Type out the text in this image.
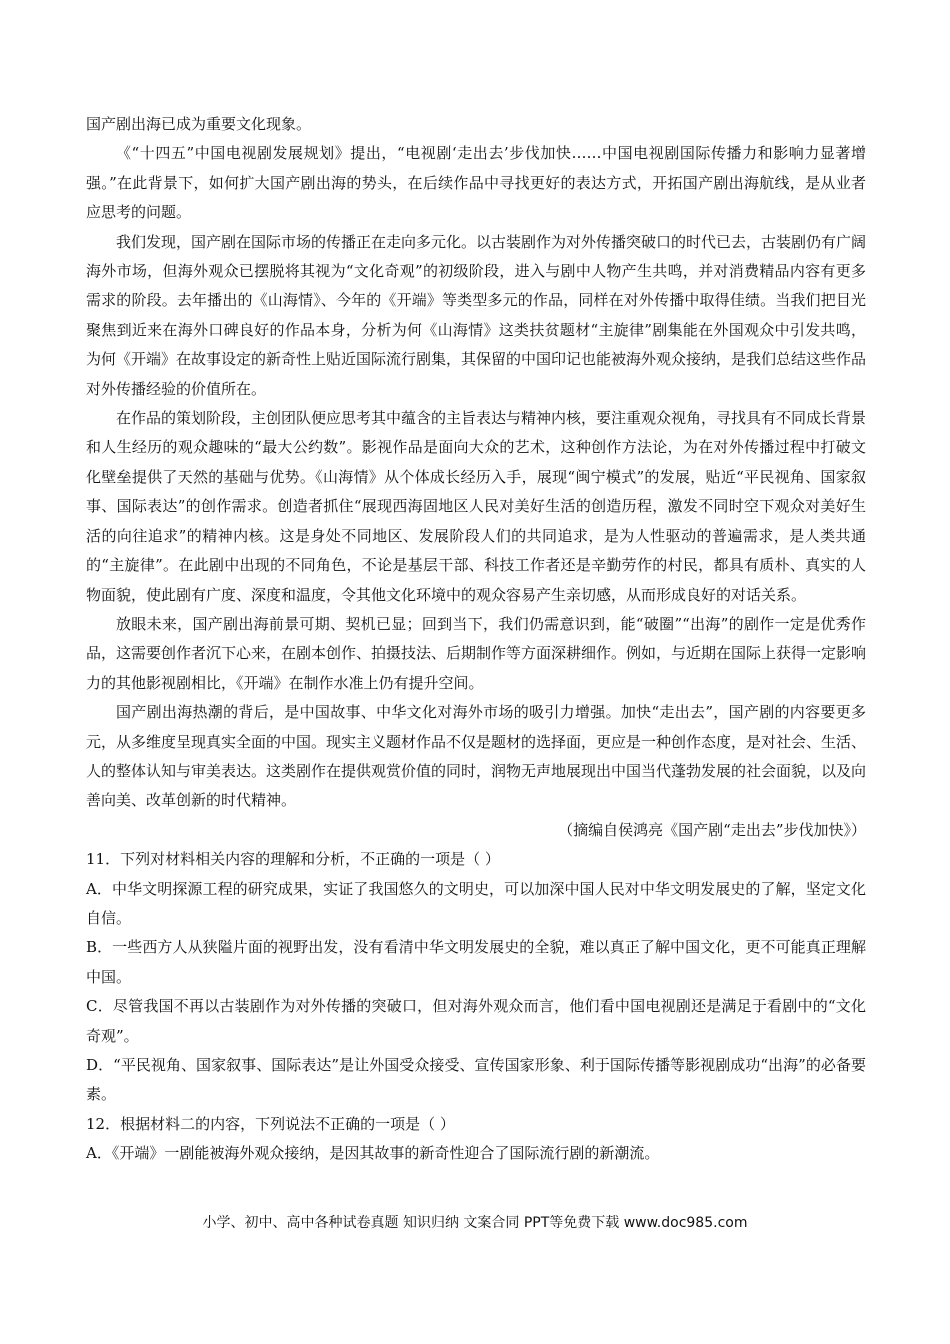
国产剧出海已成为重要文化现象。

《“十四五”中国电视剧发展规划》提出，“电视剧‘走出去’步伐加快……中国电视剧国际传播力和影响力显著增强。”在此背景下，如何扩大国产剧出海的势头，在后续作品中寻找更好的表达方式，开拓国产剧出海航线，是从业者应思考的问题。

我们发现，国产剧在国际市场的传播正在走向多元化。以古装剧作为对外传播突破口的时代已去，古装剧仍有广阔海外市场，但海外观众已摆脱将其视为“文化奇观”的初级阶段，进入与剧中人物产生共鸣，并对消费精品内容有更多需求的阶段。去年播出的《山海情》、今年的《开端》等类型多元的作品，同样在对外传播中取得佳绩。当我们把目光聚焦到近来在海外口碑良好的作品本身，分析为何《山海情》这类扶贫题材“主旋律”剧集能在外国观众中引发共鸣，为何《开端》在故事设定的新奇性上贴近国际流行剧集，其保留的中国印记也能被海外观众接纳，是我们总结这些作品对外传播经验的价值所在。

在作品的策划阶段，主创团队便应思考其中蕴含的主旨表达与精神内核，要注重观众视角，寻找具有不同成长背景和人生经历的观众趣味的“最大公约数”。影视作品是面向大众的艺术，这种创作方法论，为在对外传播过程中打破文化壁垒提供了天然的基础与优势。《山海情》从个体成长经历入手，展现“闽宁模式”的发展，贴近“平民视角、国家叙事、国际表达”的创作需求。创造者抓住“展现西海固地区人民对美好生活的创造历程，激发不同时空下观众对美好生活的向往追求”的精神内核。这是身处不同地区、发展阶段人们的共同追求，是为人性驱动的普遍需求，是人类共通的“主旋律”。在此剧中出现的不同角色，不论是基层干部、科技工作者还是辛勤劳作的村民，都具有质朴、真实的人物面貌，使此剧有广度、深度和温度，令其他文化环境中的观众容易产生亲切感，从而形成良好的对话关系。

放眼未来，国产剧出海前景可期、契机已显；回到当下，我们仍需意识到，能“破圈”“出海”的剧作一定是优秀作品，这需要创作者沉下心来，在剧本创作、拍摄技法、后期制作等方面深耕细作。例如，与近期在国际上获得一定影响力的其他影视剧相比，《开端》在制作水准上仍有提升空间。

国产剧出海热潮的背后，是中国故事、中华文化对海外市场的吸引力增强。加快“走出去”，国产剧的内容要更多元，从多维度呈现真实全面的中国。现实主义题材作品不仅是题材的选择面，更应是一种创作态度，是对社会、生活、人的整体认知与审美表达。这类剧作在提供观赏价值的同时，润物无声地展现出中国当代蓬勃发展的社会面貌，以及向善向美、改革创新的时代精神。

（摘编自侯鸿亮《国产剧“走出去”步伐加快》）

11．下列对材料相关内容的理解和分析，不正确的一项是（ ）

A．中华文明探源工程的研究成果，实证了我国悠久的文明史，可以加深中国人民对中华文明发展史的了解，坚定文化自信。

B．一些西方人从狭隘片面的视野出发，没有看清中华文明发展史的全貌，难以真正了解中国文化，更不可能真正理解中国。

C．尽管我国不再以古装剧作为对外传播的突破口，但对海外观众而言，他们看中国电视剧还是满足于看剧中的“文化奇观”。

D．“平民视角、国家叙事、国际表达”是让外国受众接受、宣传国家形象、利于国际传播等影视剧成功“出海”的必备要素。

12．根据材料二的内容，下列说法不正确的一项是（ ）

A．《开端》一剧能被海外观众接纳，是因其故事的新奇性迎合了国际流行剧的新潮流。

小学、初中、高中各种试卷真题 知识归纳 文案合同 PPT等免费下载 www.doc985.com
